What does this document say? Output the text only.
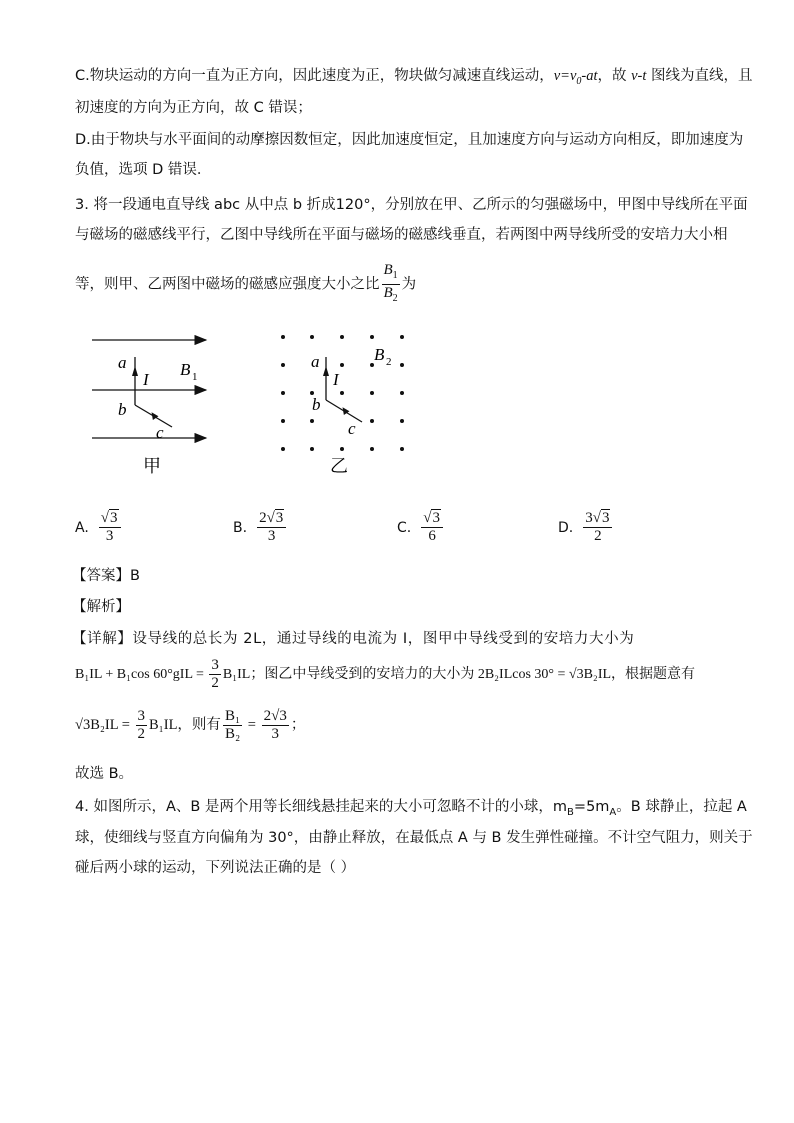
C.物块运动的方向一直为正方向，因此速度为正，物块做匀减速直线运动，$v=v_0-at$，故 v-t 图线为直线，且
初速度的方向为正方向，故 C 错误；
D.由于物块与水平面间的动摩擦因数恒定，因此加速度恒定，且加速度方向与运动方向相反，即加速度为
负值，选项 D 错误．
3. 将一段通电直导线 abc 从中点 b 折成120°，分别放在甲、乙所示的匀强磁场中，甲图中导线所在平面
与磁场的磁感线平行，乙图中导线所在平面与磁场的磁感线垂直，若两图中两导线所受的安培力大小相
等，则甲、乙两图中磁场的磁感应强度大小之比 $\frac{B_1}{B_2}$ 为
a
I
B 1
b
c
甲
a
I
B 2
b
c
乙
A. $\frac{√3}{3}$	B. $\frac{2√3}{3}$	C. $\frac{√3}{6}$	D. $\frac{3√3}{2}$
【答案】B
【解析】
【详解】设导线的总长为 2L，通过导线的电流为 I，图甲中导线受到的安培力大小为
B₁IL + B₁cos $60^\circ gIL = \frac{3}{2} B_1IL$；图乙中导线受到的安培力的大小为 2B₂ILcos 30° = √3B₂IL，根据题意有
$√3B_2IL = \frac{3}{2} B_1IL$，则有 $\frac{\text{B₁}}{\text{B₂}} = \frac{2√3}{3}$ ；
故选 B。
4. 如图所示，A、B 是两个用等长细线悬挂起来的大小可忽略不计的小球，$m_B=5m_A$。B 球静止，拉起 A
球，使细线与竖直方向偏角为 30°，由静止释放，在最低点 A 与 B 发生弹性碰撞。不计空气阻力，则关于
碰后两小球的运动，下列说法正确的是（ ）
